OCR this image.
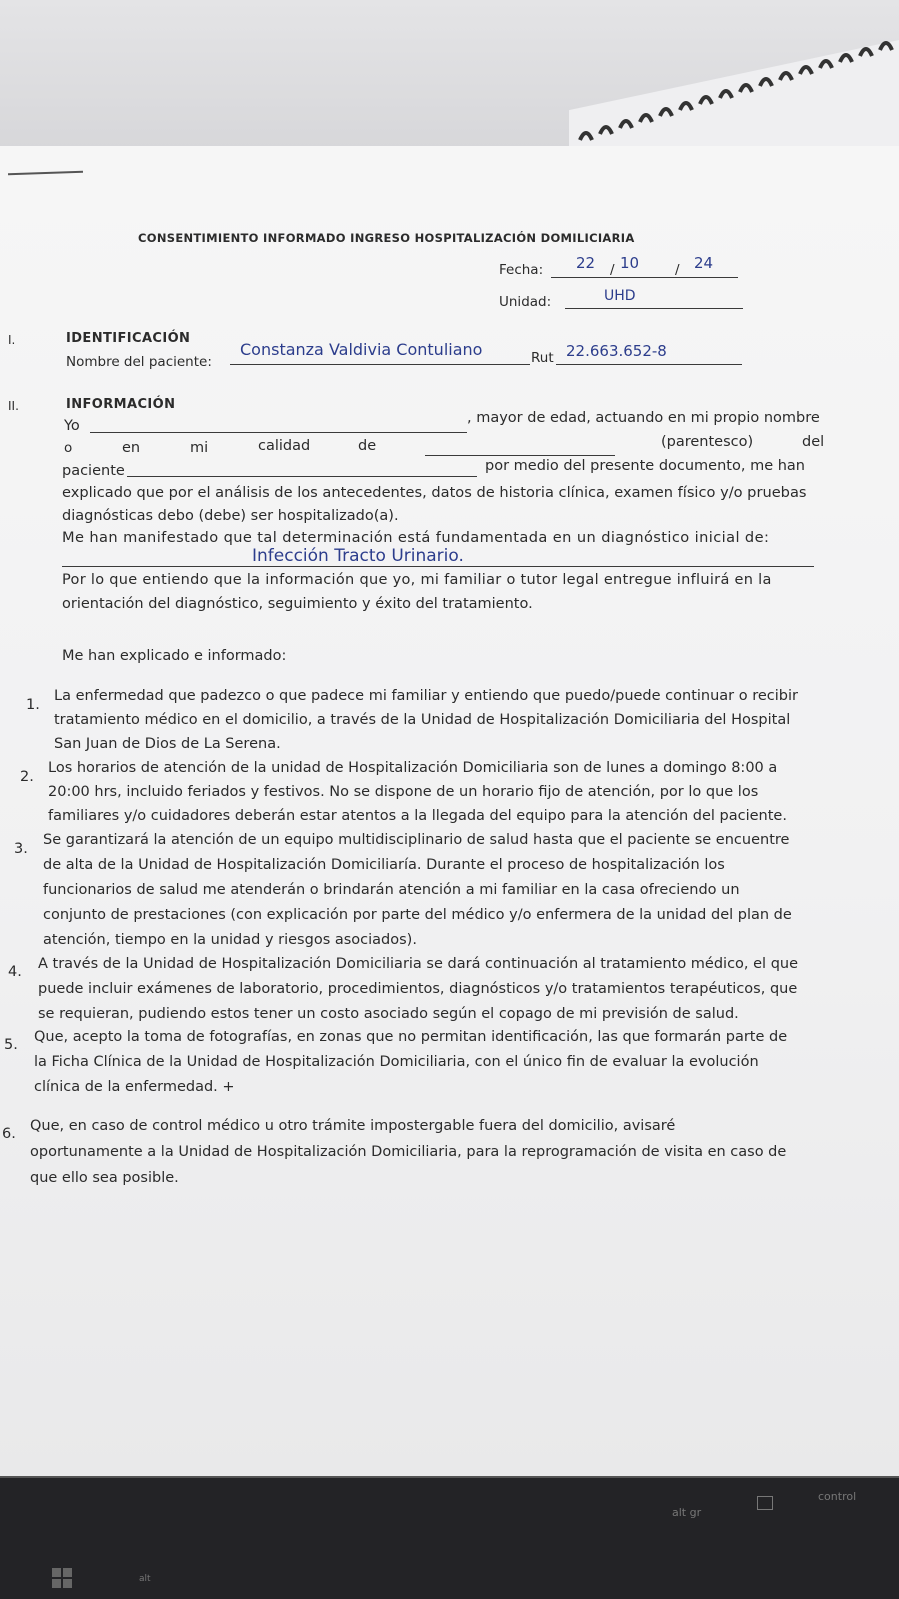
CONSENTIMIENTO INFORMADO INGRESO HOSPITALIZACIÓN DOMILICIARIA
Fecha: 22 10	24
/	/
Unidad:	UHD
I.	IDENTIFICACIÓN
Nombre del paciente:
Constanza Valdivia Contuliano	Rut 22.663.652-8
II.	INFORMACIÓN
Yo	, mayor de edad, actuando en mi propio nombre
o	en	mi	calidad	de	(parentesco)	del
paciente	por medio del presente documento, me han
explicado que por el análisis de los antecedentes, datos de historia clínica, examen físico y/o pruebas
diagnósticas debo (debe) ser hospitalizado(a).
Me han manifestado que tal determinación está fundamentada en un diagnóstico inicial de:
Infección Tracto Urinario.
Por lo que entiendo que la información que yo, mi familiar o tutor legal entregue influirá en la
orientación del diagnóstico, seguimiento y éxito del tratamiento.
Me han explicado e informado:
1.
La enfermedad que padezco o que padece mi familiar y entiendo que puedo/puede continuar o recibir
tratamiento médico en el domicilio, a través de la Unidad de Hospitalización Domiciliaria del Hospital
San Juan de Dios de La Serena.
2.
Los horarios de atención de la unidad de Hospitalización Domiciliaria son de lunes a domingo 8:00 a
20:00 hrs, incluido feriados y festivos. No se dispone de un horario fijo de atención, por lo que los
familiares y/o cuidadores deberán estar atentos a la llegada del equipo para la atención del paciente.
3.
Se garantizará la atención de un equipo multidisciplinario de salud hasta que el paciente se encuentre
de alta de la Unidad de Hospitalización Domiciliaría. Durante el proceso de hospitalización los
funcionarios de salud me atenderán o brindarán atención a mi familiar en la casa ofreciendo un
conjunto de prestaciones (con explicación por parte del médico y/o enfermera de la unidad del plan de
atención, tiempo en la unidad y riesgos asociados).
4. A través de la Unidad de Hospitalización Domiciliaria se dará continuación al tratamiento médico, el que
puede incluir exámenes de laboratorio, procedimientos, diagnósticos y/o tratamientos terapéuticos, que
se requieran, pudiendo estos tener un costo asociado según el copago de mi previsión de salud.
5. Que, acepto la toma de fotografías, en zonas que no permitan identificación, las que formarán parte de
la Ficha Clínica de la Unidad de Hospitalización Domiciliaria, con el único fin de evaluar la evolución
clínica de la enfermedad. +
6. Que, en caso de control médico u otro trámite impostergable fuera del domicilio, avisaré
oportunamente a la Unidad de Hospitalización Domiciliaria, para la reprogramación de visita en caso de
que ello sea posible.
alt gr
control
alt
